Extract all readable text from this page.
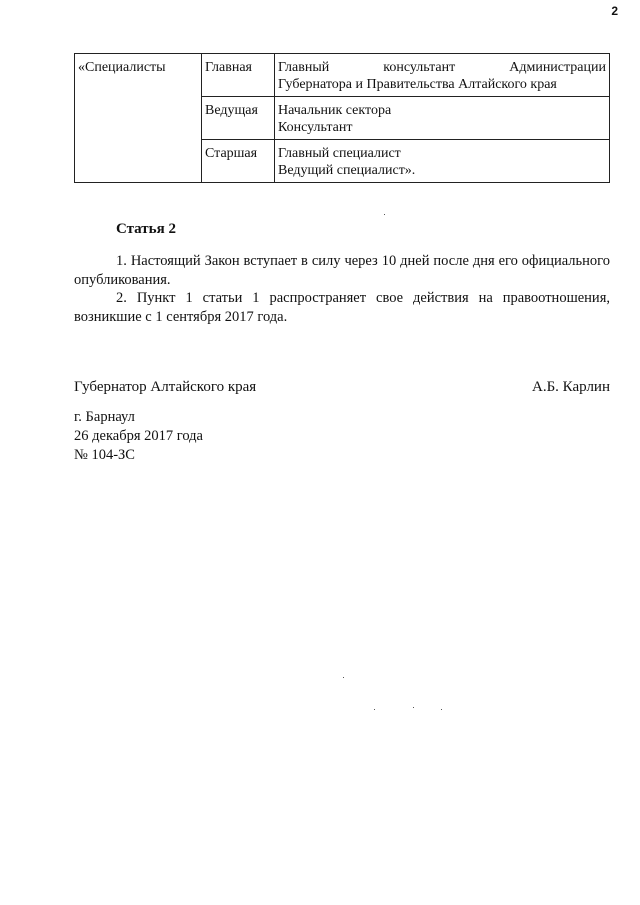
2
«Специалисты	Главная	Главный консультант Администрации
Губернатора и Правительства Алтайского края

	Ведущая	Начальник сектора
Консультант

	Старшая	Главный специалист
Ведущий специалист».
Статья 2
1. Настоящий Закон вступает в силу через 10 дней после дня его официального опубликования.
2. Пункт 1 статьи 1 распространяет свое действия на правоотношения, возникшие с 1 сентября 2017 года.
Губернатор Алтайского края	А.Б. Карлин
г. Барнаул
26 декабря 2017 года
№ 104-ЗС
